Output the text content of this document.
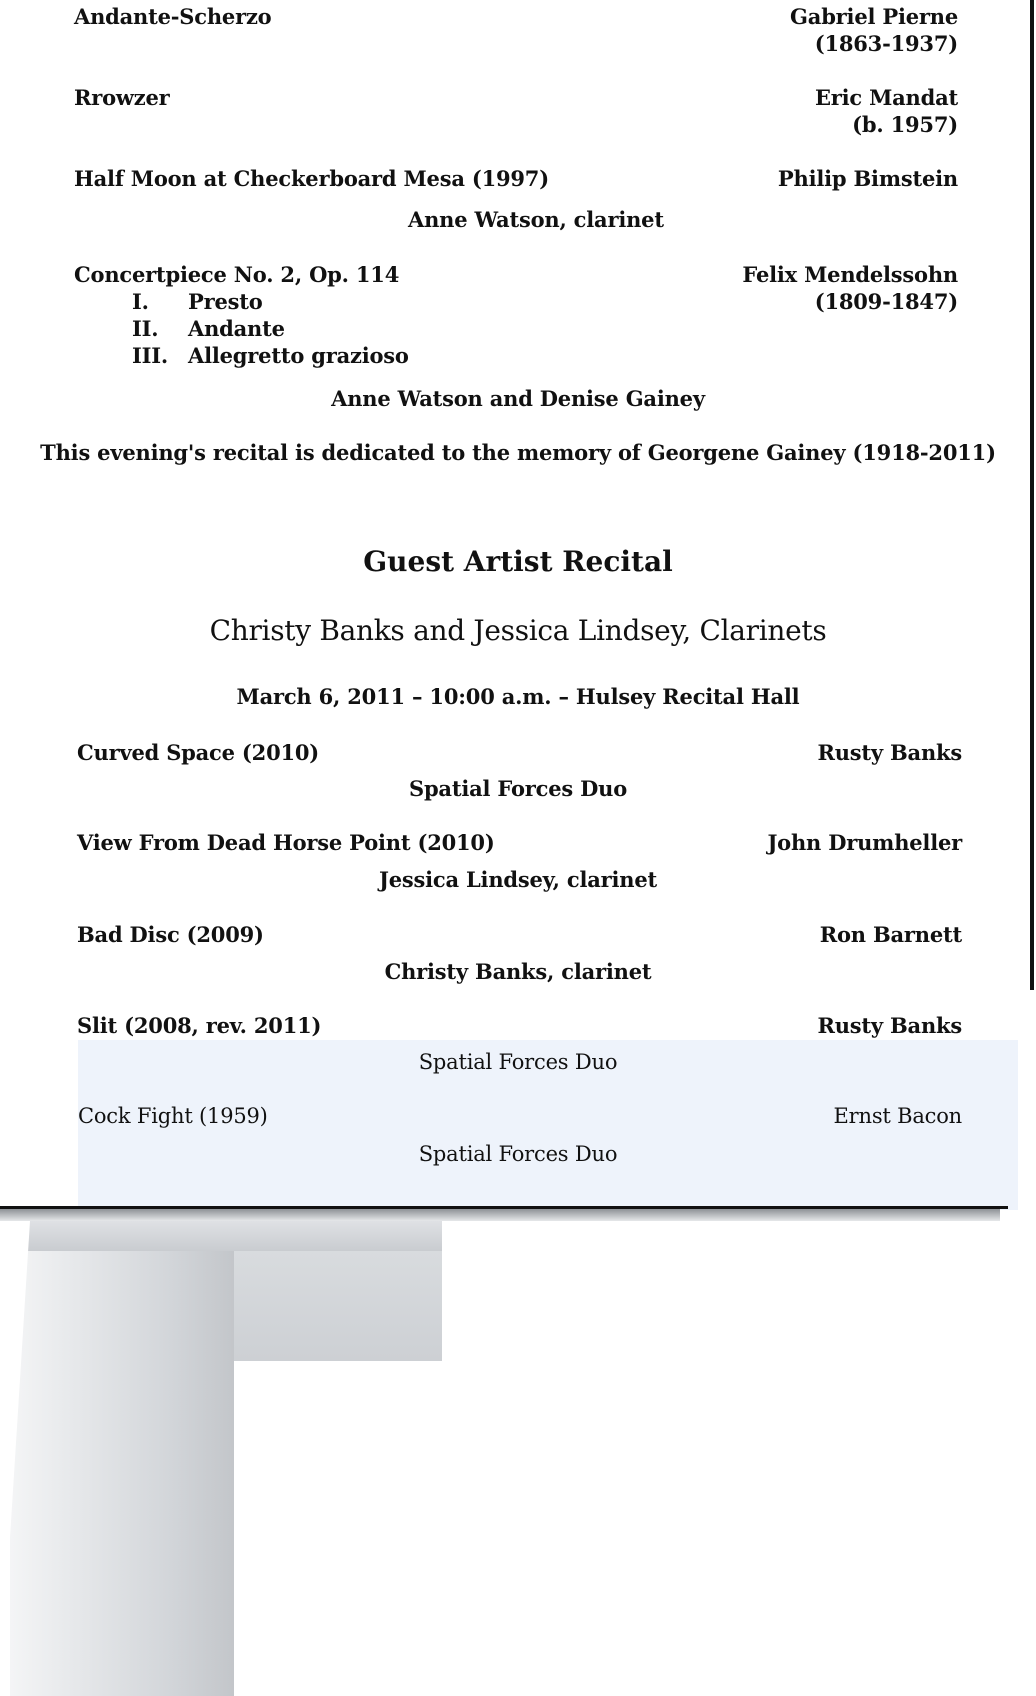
Andante-Scherzo	Gabriel Pierne
(1863-1937)
Rrowzer	Eric Mandat
(b. 1957)
Half Moon at Checkerboard Mesa (1997)	Philip Bimstein
Anne Watson, clarinet
Concertpiece No. 2, Op. 114	Felix Mendelssohn
(1809-1847)
I. Presto
II. Andante
III. Allegretto grazioso
Anne Watson and Denise Gainey
This evening's recital is dedicated to the memory of Georgene Gainey (1918-2011)
Guest Artist Recital
Christy Banks and Jessica Lindsey, Clarinets
March 6, 2011 – 10:00 a.m. – Hulsey Recital Hall
Curved Space (2010)	Rusty Banks
Spatial Forces Duo
View From Dead Horse Point (2010)	John Drumheller
Jessica Lindsey, clarinet
Bad Disc (2009)	Ron Barnett
Christy Banks, clarinet
Slit (2008, rev. 2011)	Rusty Banks
Spatial Forces Duo
Cock Fight (1959)	Ernst Bacon
Spatial Forces Duo
